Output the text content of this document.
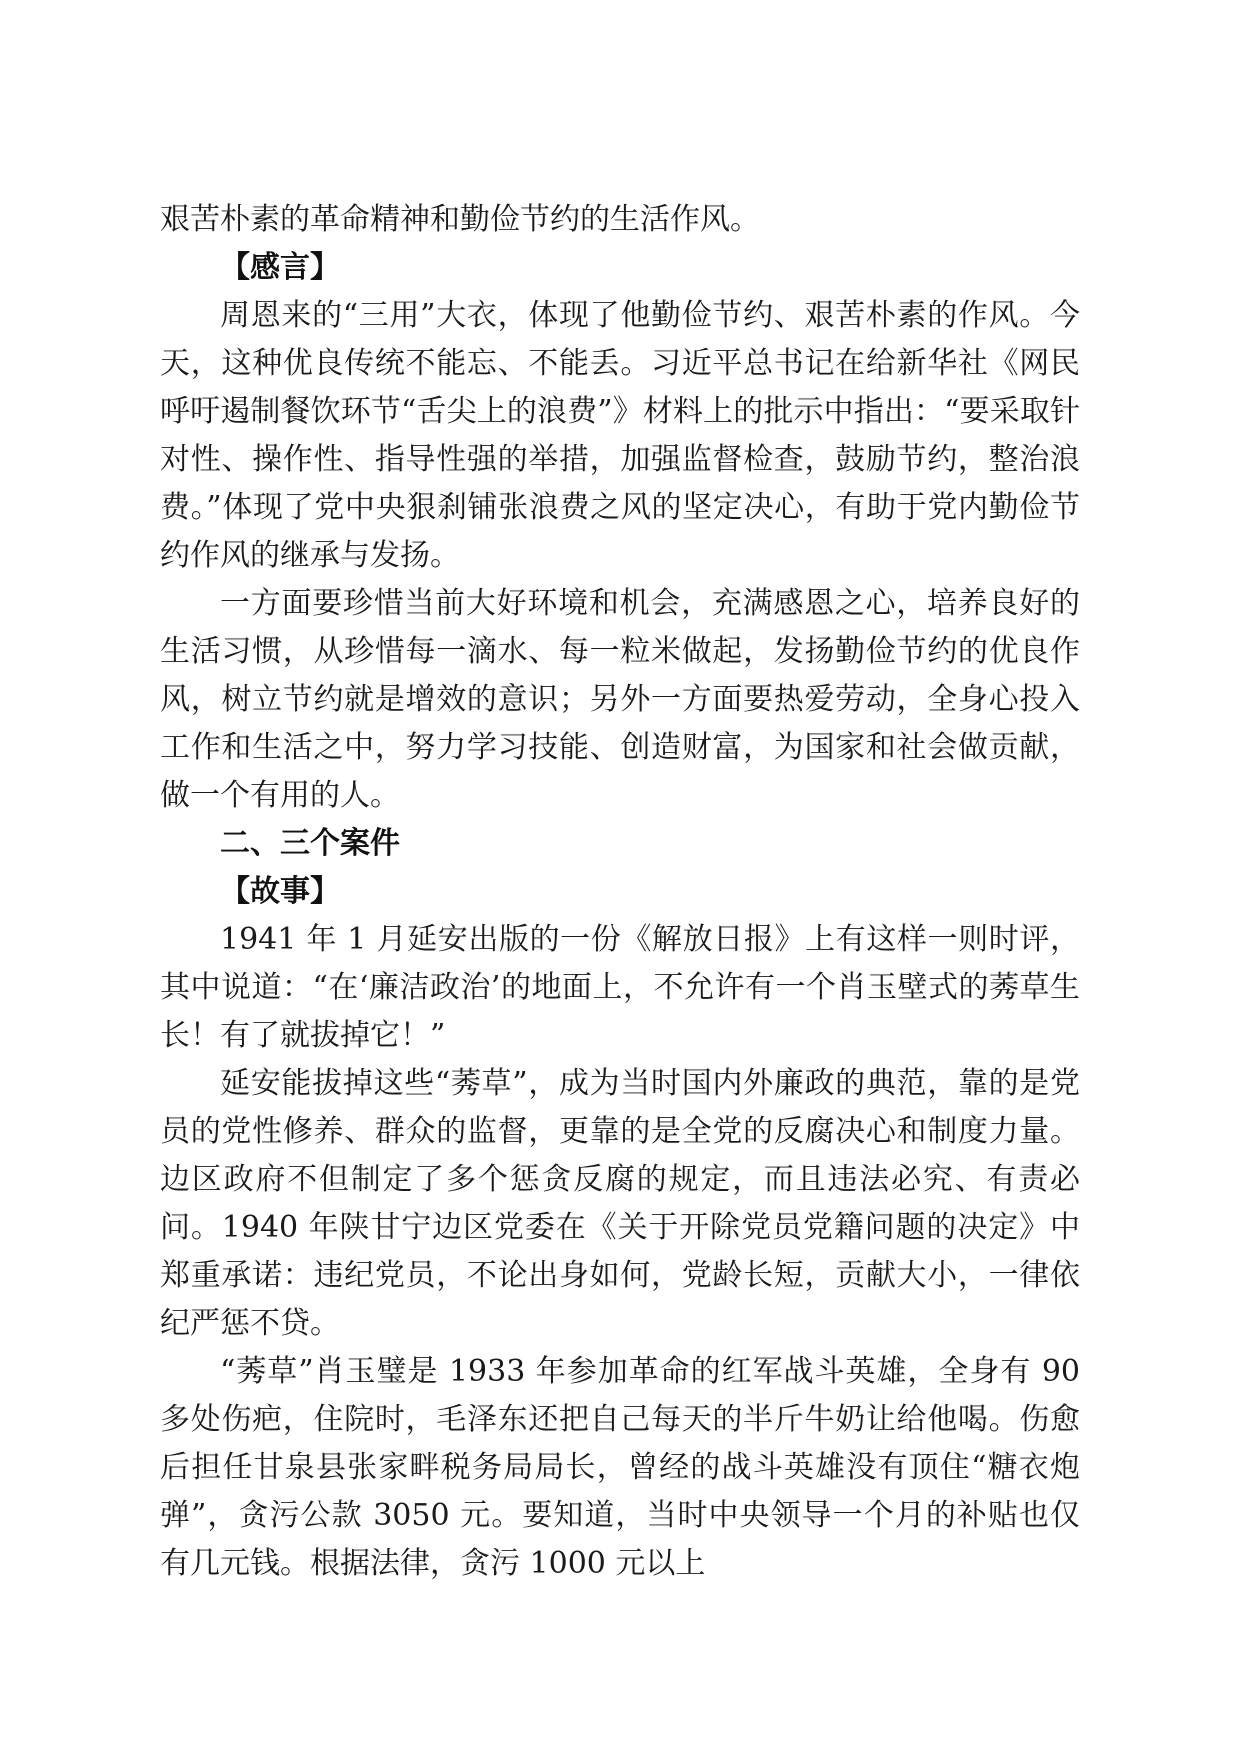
艰苦朴素的革命精神和勤俭节约的生活作风。

【感言】

周恩来的“三用”大衣，体现了他勤俭节约、艰苦朴素的作风。今天，这种优良传统不能忘、不能丢。习近平总书记在给新华社《网民呼吁遏制餐饮环节“舌尖上的浪费”》材料上的批示中指出：“要采取针对性、操作性、指导性强的举措，加强监督检查，鼓励节约，整治浪费。”体现了党中央狠刹铺张浪费之风的坚定决心，有助于党内勤俭节约作风的继承与发扬。

一方面要珍惜当前大好环境和机会，充满感恩之心，培养良好的生活习惯，从珍惜每一滴水、每一粒米做起，发扬勤俭节约的优良作风，树立节约就是增效的意识；另外一方面要热爱劳动，全身心投入工作和生活之中，努力学习技能、创造财富，为国家和社会做贡献，做一个有用的人。

二、三个案件

【故事】

1941 年 1 月延安出版的一份《解放日报》上有这样一则时评，其中说道：“在‘廉洁政治’的地面上，不允许有一个肖玉壁式的莠草生长！有了就拔掉它！”

延安能拔掉这些“莠草”，成为当时国内外廉政的典范，靠的是党员的党性修养、群众的监督，更靠的是全党的反腐决心和制度力量。边区政府不但制定了多个惩贪反腐的规定，而且违法必究、有责必问。1940 年陕甘宁边区党委在《关于开除党员党籍问题的决定》中郑重承诺：违纪党员，不论出身如何，党龄长短，贡献大小，一律依纪严惩不贷。

“莠草”肖玉璧是 1933 年参加革命的红军战斗英雄，全身有 90 多处伤疤，住院时，毛泽东还把自己每天的半斤牛奶让给他喝。伤愈后担任甘泉县张家畔税务局局长，曾经的战斗英雄没有顶住“糖衣炮弹”，贪污公款 3050 元。要知道，当时中央领导一个月的补贴也仅有几元钱。根据法律，贪污 1000 元以上
